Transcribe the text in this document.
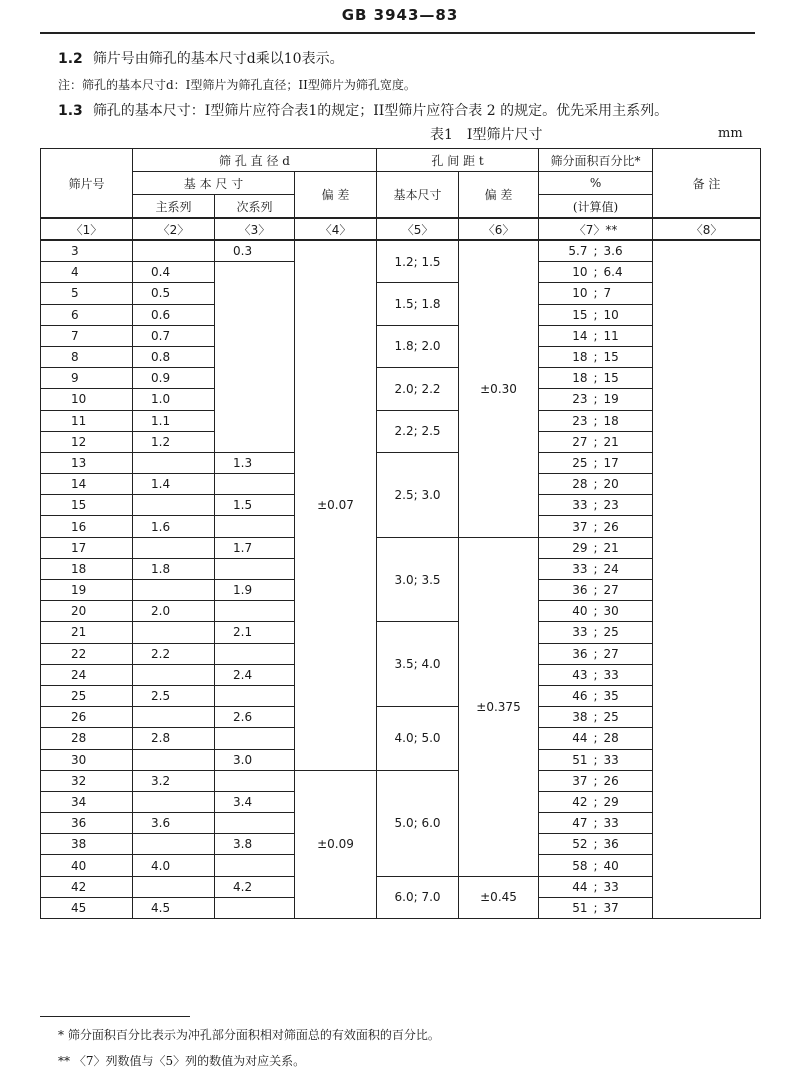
GB 3943—83
1.2 筛片号由筛孔的基本尺寸d乘以10表示。
注：筛孔的基本尺寸d：I型筛片为筛孔直径；II型筛片为筛孔宽度。
1.3 筛孔的基本尺寸：I型筛片应符合表1的规定；II型筛片应符合表 2 的规定。优先采用主系列。
表1 I型筛片尺寸	mm
筛片号	筛 孔 直 径 d			孔 间 距 t		筛分面积百分比*	备 注
	基 本 尺 寸		偏 差	基本尺寸	偏 差	%	
	主系列	次系列				(计算值)	
〈1〉	〈2〉	〈3〉	〈4〉	〈5〉	〈6〉	〈7〉**	〈8〉
3		0.3	±0.07	1.2; 1.5	±0.30	5.7 ; 3.6	
4	0.4					10 ; 6.4	
5	0.5			1.5; 1.8		10 ; 7	
6	0.6					15 ; 10	
7	0.7			1.8; 2.0		14 ; 11	
8	0.8					18 ; 15	
9	0.9			2.0; 2.2		18 ; 15	
10	1.0					23 ; 19	
11	1.1			2.2; 2.5		23 ; 18	
12	1.2					27 ; 21	
13		1.3		2.5; 3.0		25 ; 17	
14	1.4					28 ; 20	
15		1.5				33 ; 23	
16	1.6					37 ; 26	
17		1.7		3.0; 3.5	±0.375	29 ; 21	
18	1.8					33 ; 24	
19		1.9				36 ; 27	
20	2.0					40 ; 30	
21		2.1		3.5; 4.0		33 ; 25	
22	2.2					36 ; 27	
24		2.4				43 ; 33	
25	2.5					46 ; 35	
26		2.6		4.0; 5.0		38 ; 25	
28	2.8					44 ; 28	
30		3.0				51 ; 33	
32	3.2		±0.09	5.0; 6.0		37 ; 26	
34		3.4				42 ; 29	
36	3.6					47 ; 33	
38		3.8				52 ; 36	
40	4.0					58 ; 40	
42		4.2		6.0; 7.0	±0.45	44 ; 33	
45	4.5					51 ; 37	
* 筛分面积百分比表示为冲孔部分面积相对筛面总的有效面积的百分比。
** 〈7〉列数值与〈5〉列的数值为对应关系。
